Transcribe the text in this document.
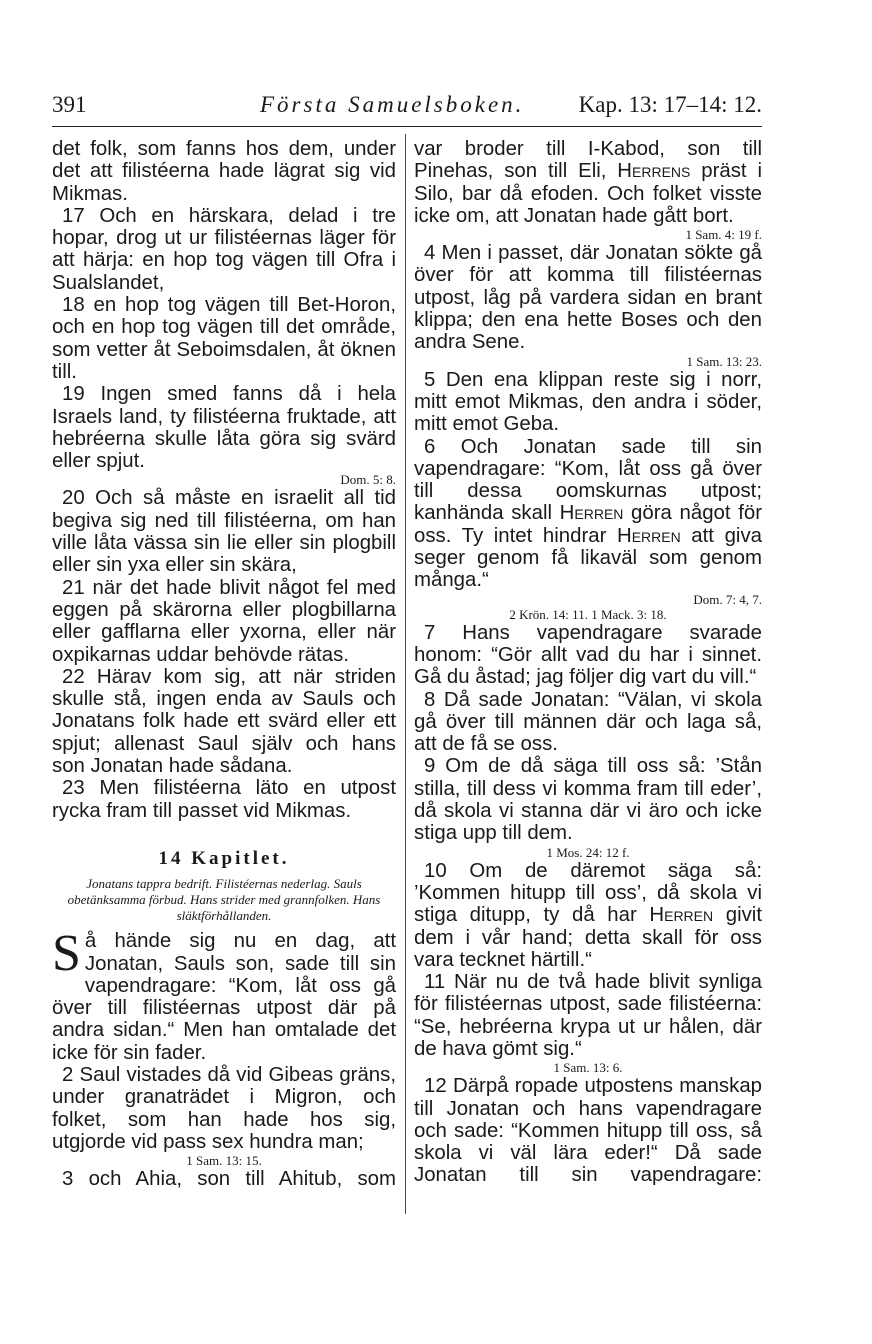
391	Första Samuelsboken. Kap. 13: 17–14: 12.

det folk, som fanns hos dem, under det att filistéerna hade lägrat sig vid Mikmas.

17 Och en härskara, delad i tre hopar, drog ut ur filistéernas läger för att härja: en hop tog vägen till Ofra i Sualslandet,

18 en hop tog vägen till Bet-Horon, och en hop tog vägen till det område, som vetter åt Seboimsdalen, åt öknen till.

19 Ingen smed fanns då i hela Israels land, ty filistéerna fruktade, att hebréerna skulle låta göra sig svärd eller spjut.

Dom. 5: 8.

20 Och så måste en israelit all tid begiva sig ned till filistéerna, om han ville låta vässa sin lie eller sin plogbill eller sin yxa eller sin skära,

21 när det hade blivit något fel med eggen på skärorna eller plogbillarna eller gafflarna eller yxorna, eller när oxpikarnas uddar behövde rätas.

22 Härav kom sig, att när striden skulle stå, ingen enda av Sauls och Jonatans folk hade ett svärd eller ett spjut; allenast Saul själv och hans son Jonatan hade sådana.

23 Men filistéerna läto en utpost rycka fram till passet vid Mikmas.

14 Kapitlet.

Jonatans tappra bedrift. Filistéernas nederlag. Sauls obetänksamma förbud. Hans strider med grannfolken. Hans släktförhållanden.

S å hände sig nu en dag, att Jonatan, Sauls son, sade till sin vapendragare: “Kom, låt oss gå över till filistéernas utpost där på andra sidan.“ Men han omtalade det icke för sin fader.

2 Saul vistades då vid Gibeas gräns, under granaträdet i Migron, och folket, som han hade hos sig, utgjorde vid pass sex hundra man;

1 Sam. 13: 15.

3 och Ahia, son till Ahitub, som

var broder till I-Kabod, son till Pinehas, son till Eli, Herrens präst i Silo, bar då efoden. Och folket visste icke om, att Jonatan hade gått bort.

1 Sam. 4: 19 f.

4 Men i passet, där Jonatan sökte gå över för att komma till filistéernas utpost, låg på vardera sidan en brant klippa; den ena hette Boses och den andra Sene.

1 Sam. 13: 23.

5 Den ena klippan reste sig i norr, mitt emot Mikmas, den andra i söder, mitt emot Geba.

6 Och Jonatan sade till sin vapendragare: “Kom, låt oss gå över till dessa oomskurnas utpost; kanhända skall Herren göra något för oss. Ty intet hindrar Herren att giva seger genom få likaväl som genom många.“

Dom. 7: 4, 7.

2 Krön. 14: 11. 1 Mack. 3: 18.

7 Hans vapendragare svarade honom: “Gör allt vad du har i sinnet. Gå du åstad; jag följer dig vart du vill.“

8 Då sade Jonatan: “Välan, vi skola gå över till männen där och laga så, att de få se oss.

9 Om de då säga till oss så: ’Stån stilla, till dess vi komma fram till eder’, då skola vi stanna där vi äro och icke stiga upp till dem.

1 Mos. 24: 12 f.

10 Om de däremot säga så: ’Kommen hitupp till oss’, då skola vi stiga ditupp, ty då har Herren givit dem i vår hand; detta skall för oss vara tecknet härtill.“

11 När nu de två hade blivit synliga för filistéernas utpost, sade filistéerna: “Se, hebréerna krypa ut ur hålen, där de hava gömt sig.“

1 Sam. 13: 6.

12 Därpå ropade utpostens manskap till Jonatan och hans vapendragare och sade: “Kommen hitupp till oss, så skola vi väl lära eder!“ Då sade Jonatan till sin vapendragare:
